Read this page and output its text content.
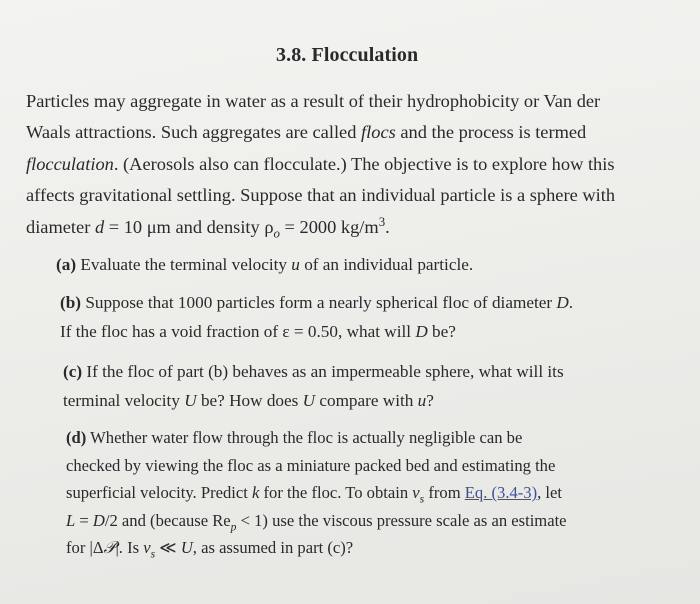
3.8. Flocculation
Particles may aggregate in water as a result of their hydrophobicity or Van der
Waals attractions. Such aggregates are called flocs and the process is termed
flocculation. (Aerosols also can flocculate.) The objective is to explore how this
affects gravitational settling. Suppose that an individual particle is a sphere with
diameter d = 10 μm and density $\rho_o = 2000$ $kg/m^3$.
(a) Evaluate the terminal velocity u of an individual particle.
(b) Suppose that 1000 particles form a nearly spherical floc of diameter D.
If the floc has a void fraction of ε = 0.50, what will D be?
(c) If the floc of part (b) behaves as an impermeable sphere, what will its
terminal velocity U be? How does U compare with u?
(d) Whether water flow through the floc is actually negligible can be
checked by viewing the floc as a miniature packed bed and estimating the
superficial velocity. Predict k for the floc. To obtain $v_s$ from Eq. (3.4-3), let
L = D/2 and (because $Re_p < 1$) use the viscous pressure scale as an estimate
for |Δ𝒫|. Is $v_s$ ≪ U, as assumed in part (c)?
